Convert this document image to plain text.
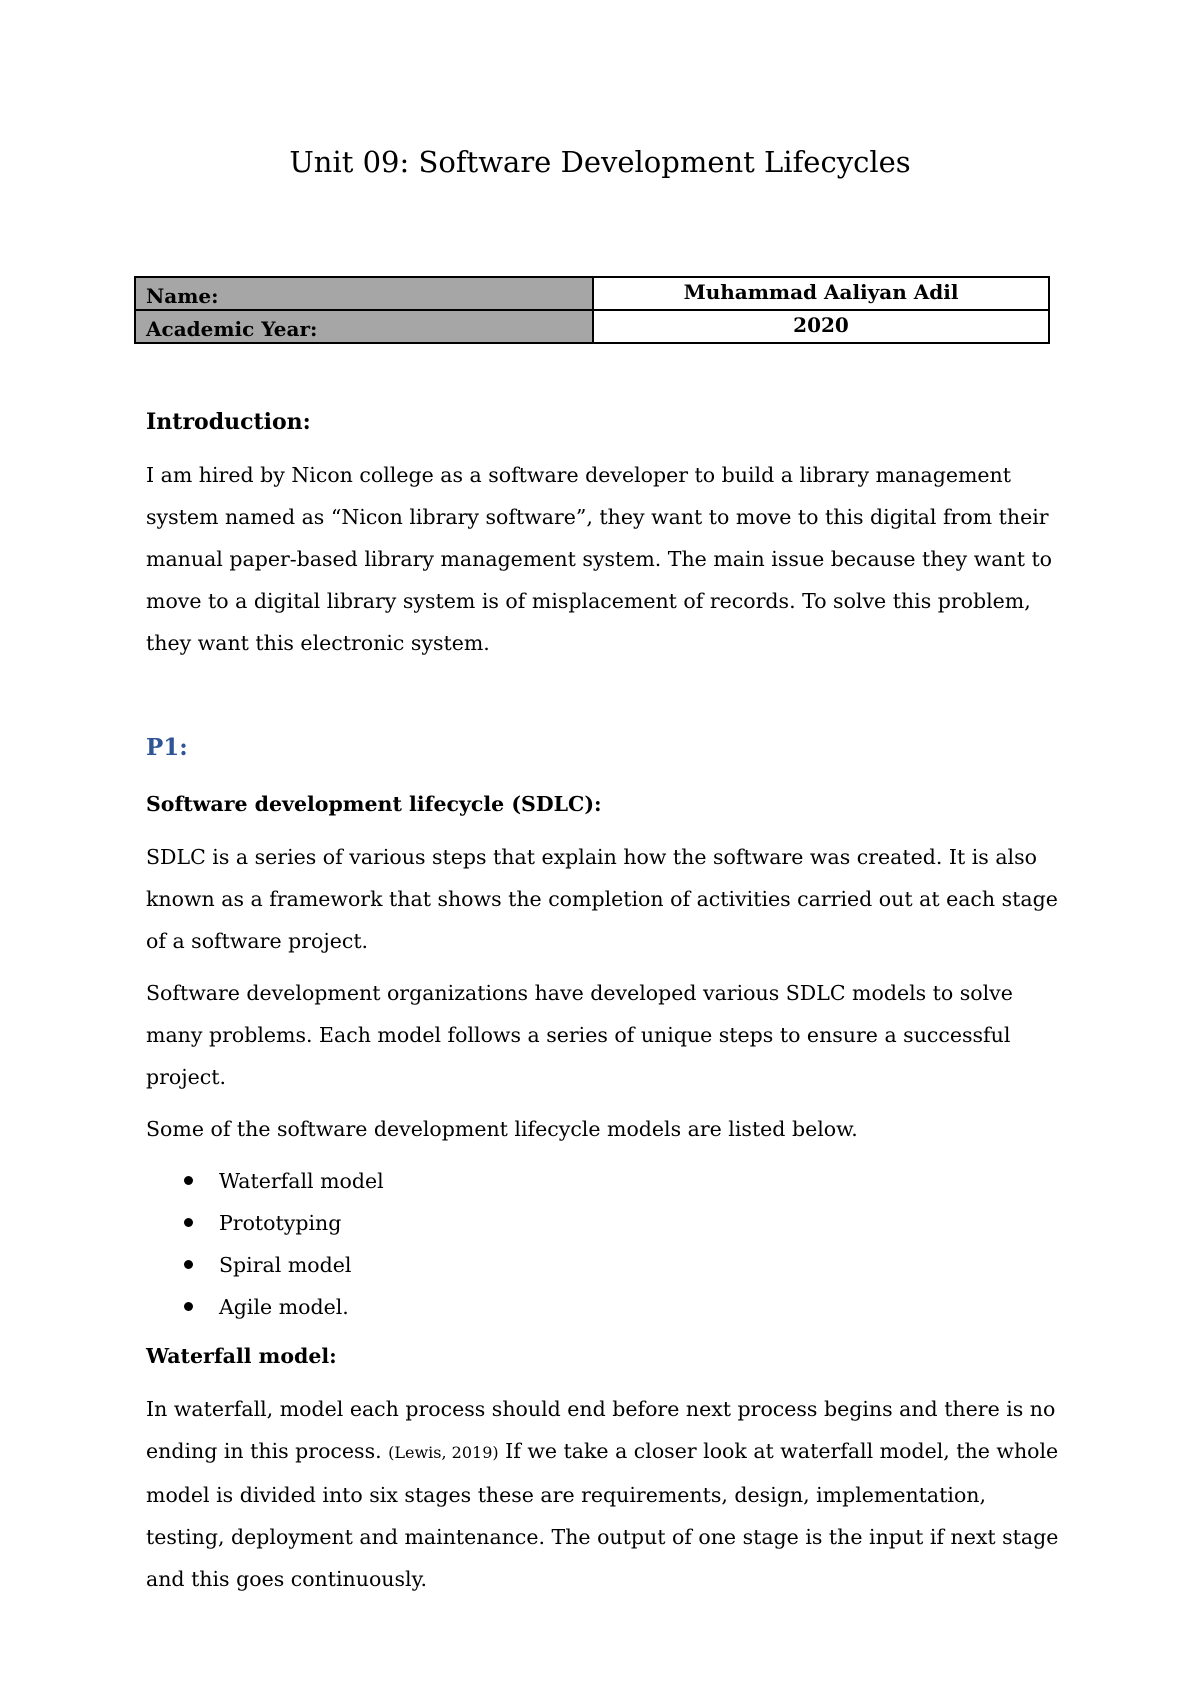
Unit 09: Software Development Lifecycles
Name:	Muhammad Aaliyan Adil
Academic Year:	2020
Introduction:

I am hired by Nicon college as a software developer to build a library management system named as “Nicon library software”, they want to move to this digital from their manual paper-based library management system. The main issue because they want to move to a digital library system is of misplacement of records. To solve this problem, they want this electronic system.

P1:
Software development lifecycle (SDLC):

SDLC is a series of various steps that explain how the software was created. It is also known as a framework that shows the completion of activities carried out at each stage of a software project.

Software development organizations have developed various SDLC models to solve many problems. Each model follows a series of unique steps to ensure a successful project.

Some of the software development lifecycle models are listed below.

Waterfall model
Prototyping
Spiral model
Agile model.
Waterfall model:

In waterfall, model each process should end before next process begins and there is no ending in this process. (Lewis, 2019) If we take a closer look at waterfall model, the whole model is divided into six stages these are requirements, design, implementation, testing, deployment and maintenance. The output of one stage is the input if next stage and this goes continuously.
